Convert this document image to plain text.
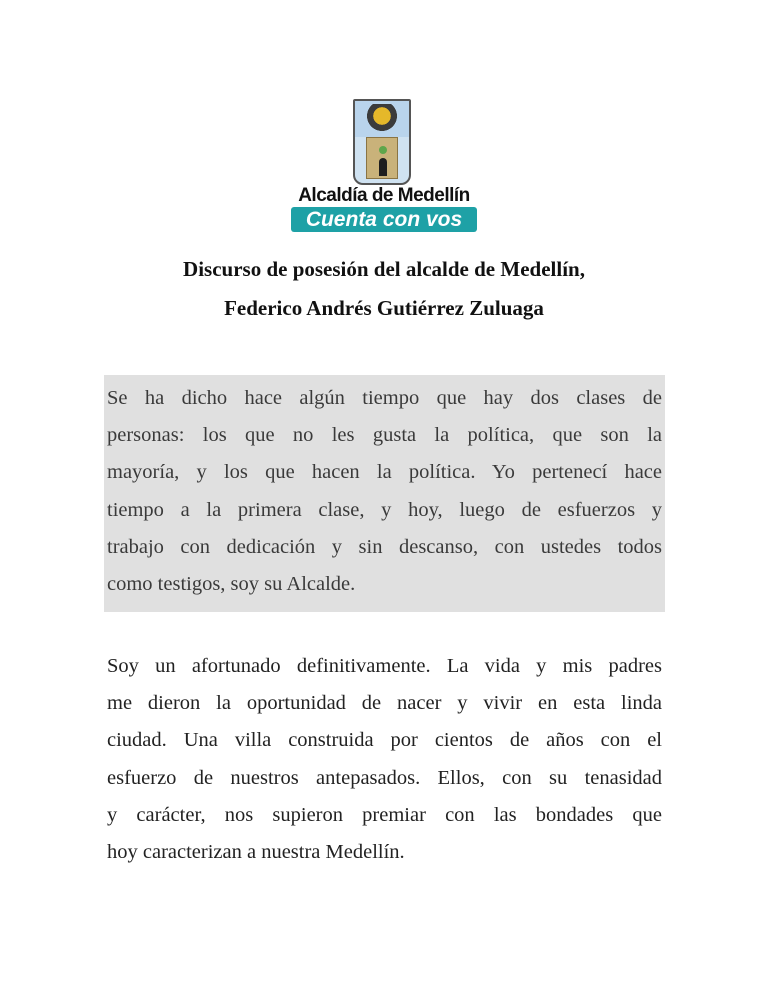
Alcaldía de Medellín
Cuenta con vos
Discurso de posesión del alcalde de Medellín,
Federico Andrés Gutiérrez Zuluaga
Se ha dicho hace algún tiempo que hay dos clases de
personas: los que no les gusta la política, que son la
mayoría, y los que hacen la política. Yo pertenecí hace
tiempo a la primera clase, y hoy, luego de esfuerzos y
trabajo con dedicación y sin descanso, con ustedes todos
como testigos, soy su Alcalde.
Soy un afortunado definitivamente. La vida y mis padres
me dieron la oportunidad de nacer y vivir en esta linda
ciudad. Una villa construida por cientos de años con el
esfuerzo de nuestros antepasados. Ellos, con su tenasidad
y carácter, nos supieron premiar con las bondades que
hoy caracterizan a nuestra Medellín.
